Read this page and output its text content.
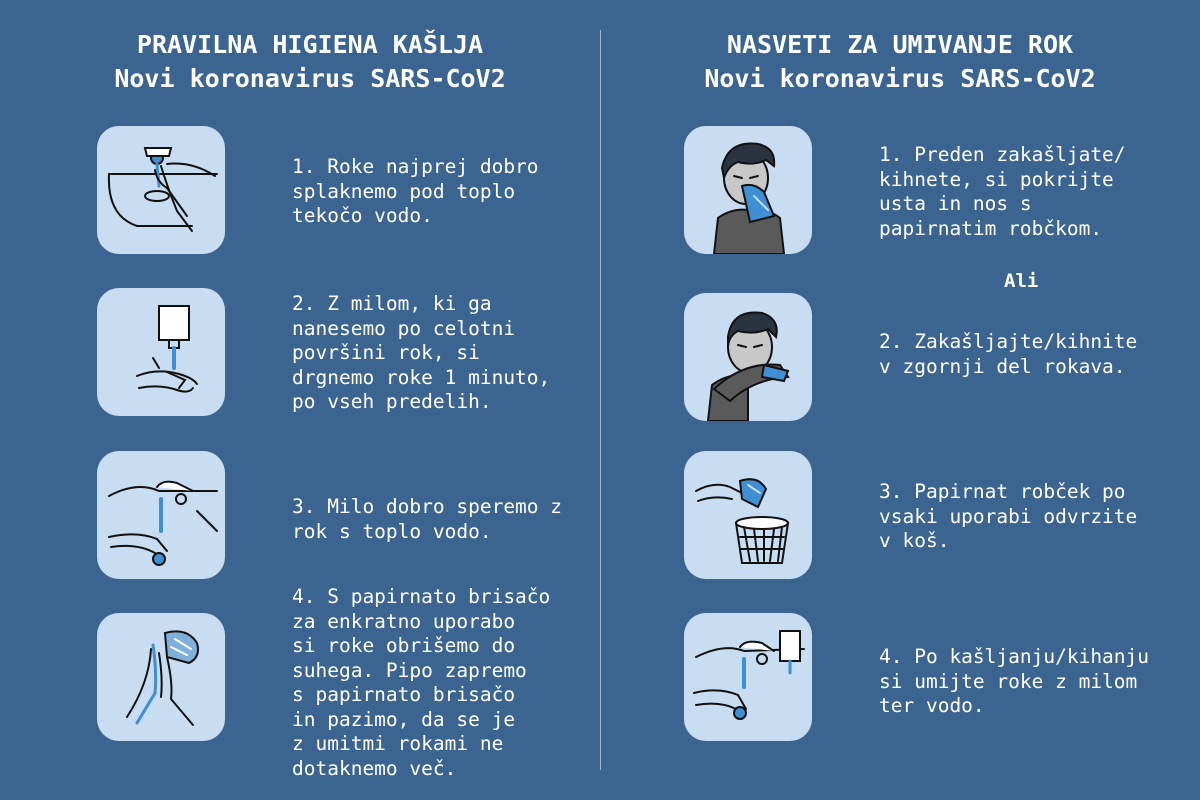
PRAVILNA HIGIENA KAŠLJA
Novi koronavirus SARS-CoV2
NASVETI ZA UMIVANJE ROK
Novi koronavirus SARS-CoV2

1. Roke najprej dobro
splaknemo pod toplo
tekočo vodo.

2. Z milom, ki ga
nanesemo po celotni
površini rok, si
drgnemo roke 1 minuto,
po vseh predelih.

3. Milo dobro speremo z
rok s toplo vodo.

4. S papirnato brisačo
za enkratno uporabo
si roke obrišemo do
suhega. Pipo zapremo
s papirnato brisačo
in pazimo, da se je
z umitmi rokami ne
dotaknemo več.

1. Preden zakašljate/
kihnete, si pokrijte
usta in nos s
papirnatim robčkom.

Ali

2. Zakašljajte/kihnite
v zgornji del rokava.

3. Papirnat robček po
vsaki uporabi odvrzite
v koš.

4. Po kašljanju/kihanju
si umijte roke z milom
ter vodo.
